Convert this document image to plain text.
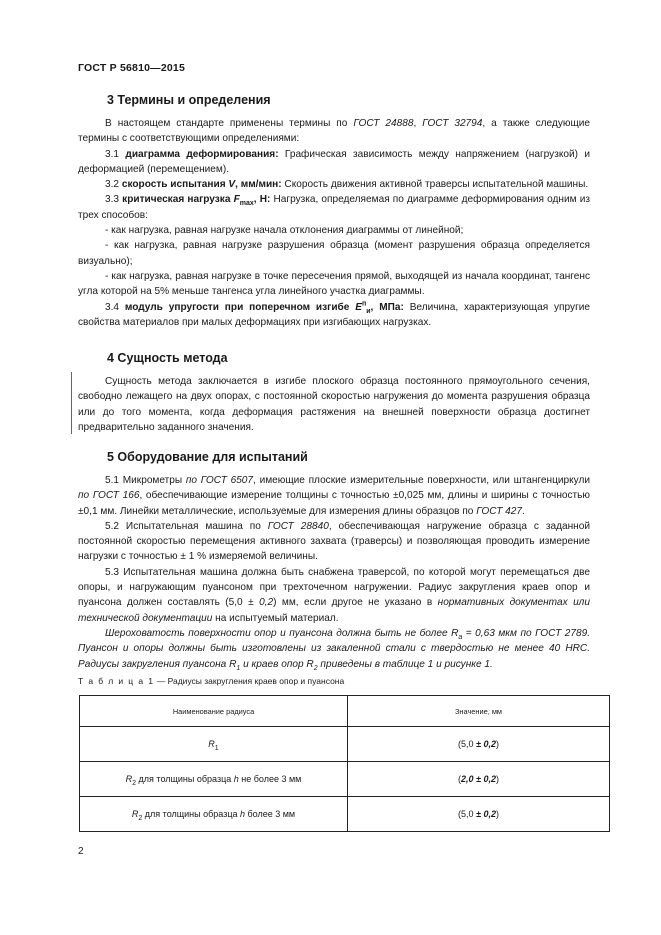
ГОСТ Р 56810—2015
3 Термины и определения

В настоящем стандарте применены термины по ГОСТ 24888, ГОСТ 32794, а также следующие термины с соответствующими определениями:

3.1 диаграмма деформирования: Графическая зависимость между напряжением (нагрузкой) и деформацией (перемещением).

3.2 скорость испытания V, мм/мин: Скорость движения активной траверсы испытательной машины.

3.3 критическая нагрузка $F_{max}$, Н: Нагрузка, определяемая по диаграмме деформирования одним из трех способов:

- как нагрузка, равная нагрузке начала отклонения диаграммы от линейной;

- как нагрузка, равная нагрузке разрушения образца (момент разрушения образца определяется визуально);

- как нагрузка, равная нагрузке в точке пересечения прямой, выходящей из начала координат, тангенс угла которой на 5% меньше тангенса угла линейного участка диаграммы.

3.4 модуль упругости при поперечном изгибе $E^п_и$, МПа: Величина, характеризующая упругие свойства материалов при малых деформациях при изгибающих нагрузках.

4 Сущность метода

Сущность метода заключается в изгибе плоского образца постоянного прямоугольного сечения, свободно лежащего на двух опорах, с постоянной скоростью нагружения до момента разрушения образца или до того момента, когда деформация растяжения на внешней поверхности образца достигнет предварительно заданного значения.

5 Оборудование для испытаний

5.1 Микрометры по ГОСТ 6507, имеющие плоские измерительные поверхности, или штангенциркули по ГОСТ 166, обеспечивающие измерение толщины с точностью ±0,025 мм, длины и ширины с точностью ±0,1 мм. Линейки металлические, используемые для измерения длины образцов по ГОСТ 427.

5.2 Испытательная машина по ГОСТ 28840, обеспечивающая нагружение образца с заданной постоянной скоростью перемещения активного захвата (траверсы) и позволяющая проводить измерение нагрузки с точностью ± 1 % измеряемой величины.

5.3 Испытательная машина должна быть снабжена траверсой, по которой могут перемещаться две опоры, и нагружающим пуансоном при трехточечном нагружении. Радиус закругления краев опор и пуансона должен составлять (5,0 ± 0,2) мм, если другое не указано в нормативных документах или технической документации на испытуемый материал.

Шероховатость поверхности опор и пуансона должна быть не более $R_a = 0,63$ мкм по ГОСТ 2789. Пуансон и опоры должны быть изготовлены из закаленной стали с твердостью не менее 40 HRC. Радиусы закругления пуансона $R_1$ и краев опор $R_2$ приведены в таблице 1 и рисунке 1.

Т а б л и ц а 1 — Радиусы закругления краев опор и пуансона
Наименование радиуса	Значение, мм
$R_1$	(5,0 ± 0,2)
$R_2$ для толщины образца h не более 3 мм	(2,0 ± 0,2)
$R_2$ для толщины образца h более 3 мм	(5,0 ± 0,2)
2
